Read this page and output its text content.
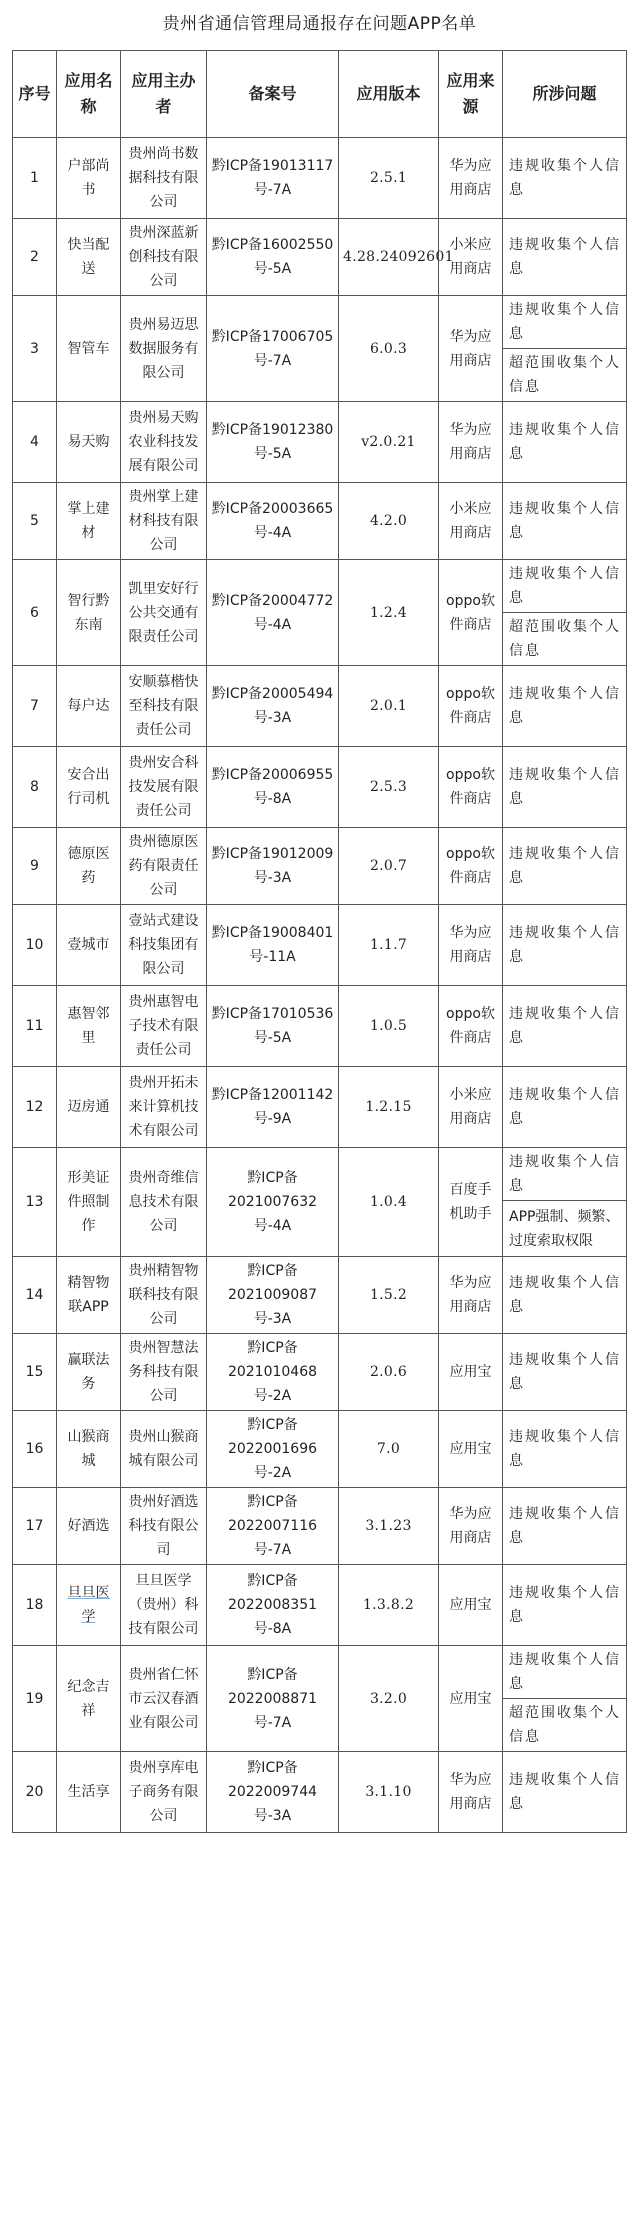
贵州省通信管理局通报存在问题APP名单
序号	应用名称	应用主办者	备案号	应用版本	应用来源	所涉问题
1	户部尚书	贵州尚书数据科技有限公司	黔ICP备19013117号-7A	2.5.1	华为应用商店	违规收集个人信息
2	快当配送	贵州深蓝新创科技有限公司	黔ICP备16002550号-5A	4.28.24092601	小米应用商店	违规收集个人信息
3	智管车	贵州易迈思数据服务有限公司	黔ICP备17006705号-7A	6.0.3	华为应用商店	违规收集个人信息
						超范围收集个人信息
4	易天购	贵州易天购农业科技发展有限公司	黔ICP备19012380号-5A	v2.0.21	华为应用商店	违规收集个人信息
5	掌上建材	贵州掌上建材科技有限公司	黔ICP备20003665号-4A	4.2.0	小米应用商店	违规收集个人信息
6	智行黔东南	凯里安好行公共交通有限责任公司	黔ICP备20004772号-4A	1.2.4	oppo软件商店	违规收集个人信息
						超范围收集个人信息
7	每户达	安顺慕楷快至科技有限责任公司	黔ICP备20005494号-3A	2.0.1	oppo软件商店	违规收集个人信息
8	安合出行司机	贵州安合科技发展有限责任公司	黔ICP备20006955号-8A	2.5.3	oppo软件商店	违规收集个人信息
9	德原医药	贵州德原医药有限责任公司	黔ICP备19012009号-3A	2.0.7	oppo软件商店	违规收集个人信息
10	壹城市	壹站式建设科技集团有限公司	黔ICP备19008401号-11A	1.1.7	华为应用商店	违规收集个人信息
11	惠智邻里	贵州惠智电子技术有限责任公司	黔ICP备17010536号-5A	1.0.5	oppo软件商店	违规收集个人信息
12	迈房通	贵州开拓未来计算机技术有限公司	黔ICP备12001142号-9A	1.2.15	小米应用商店	违规收集个人信息
13	形美证件照制作	贵州奇维信息技术有限公司	黔ICP备2021007632号-4A	1.0.4	百度手机助手	违规收集个人信息
						APP强制、频繁、过度索取权限
14	精智物联APP	贵州精智物联科技有限公司	黔ICP备2021009087号-3A	1.5.2	华为应用商店	违规收集个人信息
15	赢联法务	贵州智慧法务科技有限公司	黔ICP备2021010468号-2A	2.0.6	应用宝	违规收集个人信息
16	山猴商城	贵州山猴商城有限公司	黔ICP备2022001696号-2A	7.0	应用宝	违规收集个人信息
17	好酒选	贵州好酒选科技有限公司	黔ICP备2022007116号-7A	3.1.23	华为应用商店	违规收集个人信息
18	旦旦医学	旦旦医学（贵州）科技有限公司	黔ICP备2022008351号-8A	1.3.8.2	应用宝	违规收集个人信息
19	纪念吉祥	贵州省仁怀市云汉春酒业有限公司	黔ICP备2022008871号-7A	3.2.0	应用宝	违规收集个人信息
						超范围收集个人信息
20	生活享	贵州享库电子商务有限公司	黔ICP备2022009744号-3A	3.1.10	华为应用商店	违规收集个人信息
